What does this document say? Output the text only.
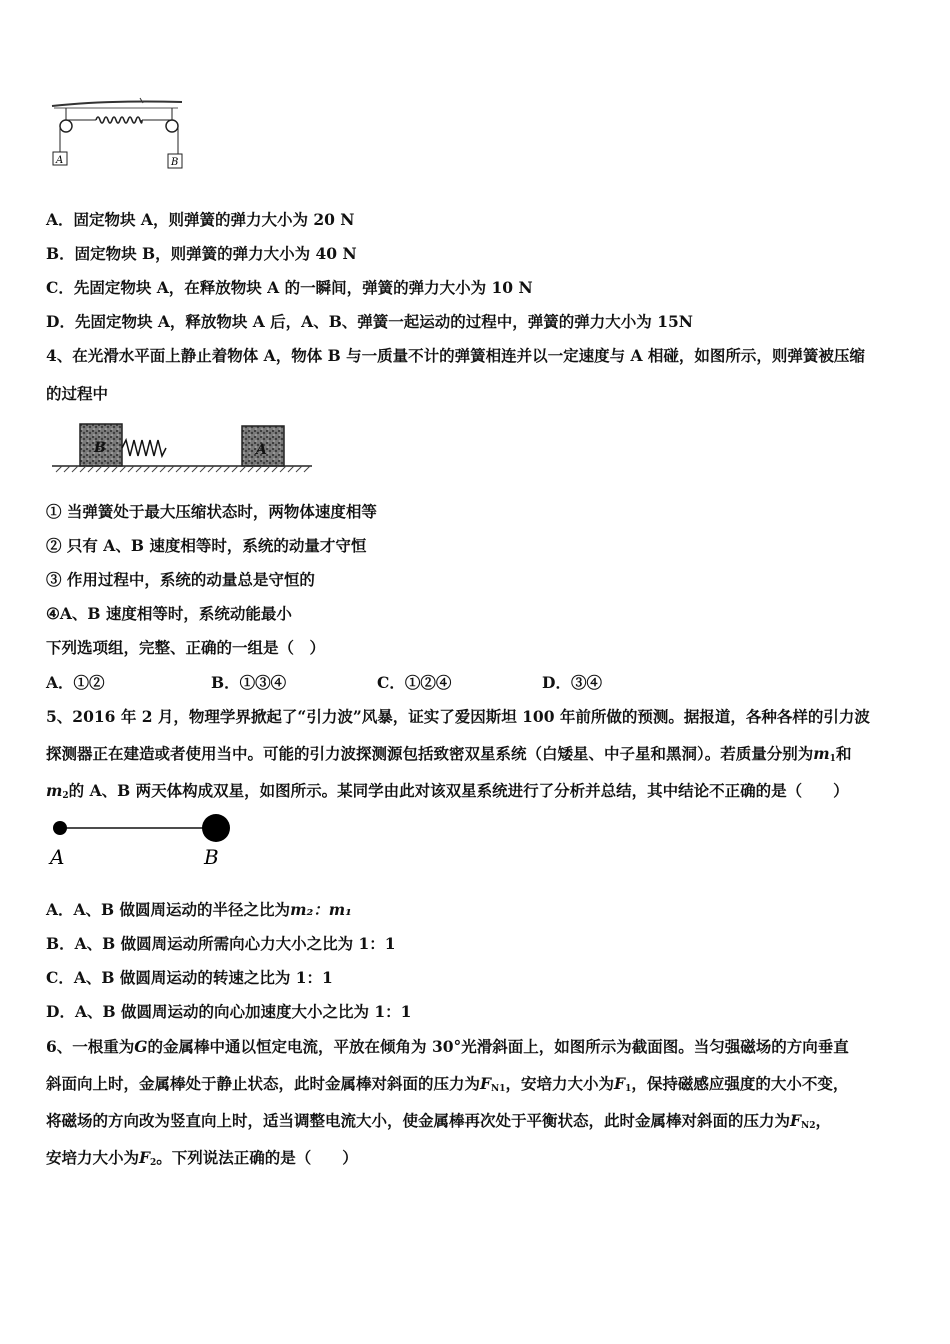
A	B
A．固定物块 A，则弹簧的弹力大小为 20 N
B．固定物块 B，则弹簧的弹力大小为 40 N
C．先固定物块 A，在释放物块 A 的一瞬间，弹簧的弹力大小为 10 N
D．先固定物块 A，释放物块 A 后，A、B、弹簧一起运动的过程中，弹簧的弹力大小为 15N
4、在光滑水平面上静止着物体 A，物体 B 与一质量不计的弹簧相连并以一定速度与 A 相碰，如图所示，则弹簧被压缩
的过程中
B	A
① 当弹簧处于最大压缩状态时，两物体速度相等
② 只有 A、B 速度相等时，系统的动量才守恒
③ 作用过程中，系统的动量总是守恒的
④A、B 速度相等时，系统动能最小
下列选项组，完整、正确的一组是（　）
A．①②	B．①③④	C．①②④	D．③④
5、2016 年 2 月，物理学界掀起了“引力波”风暴，证实了爱因斯坦 100 年前所做的预测。据报道，各种各样的引力波
探测器正在建造或者使用当中。可能的引力波探测源包括致密双星系统（白矮星、中子星和黑洞）。若质量分别为$m_1$和
$m_2$的 A、B 两天体构成双星，如图所示。某同学由此对该双星系统进行了分析并总结，其中结论不正确的是（　　）
A	B
A．A、B 做圆周运动的半径之比为m₂：m₁
B．A、B 做圆周运动所需向心力大小之比为 1：1
C．A、B 做圆周运动的转速之比为 1：1
D．A、B 做圆周运动的向心加速度大小之比为 1：1
6、一根重为G的金属棒中通以恒定电流，平放在倾角为 30°光滑斜面上，如图所示为截面图。当匀强磁场的方向垂直
斜面向上时，金属棒处于静止状态，此时金属棒对斜面的压力为$F_{N1}$，安培力大小为$F_1$，保持磁感应强度的大小不变，
将磁场的方向改为竖直向上时，适当调整电流大小，使金属棒再次处于平衡状态，此时金属棒对斜面的压力为$F_{N2}$，
安培力大小为$F_2$。下列说法正确的是（　　）
